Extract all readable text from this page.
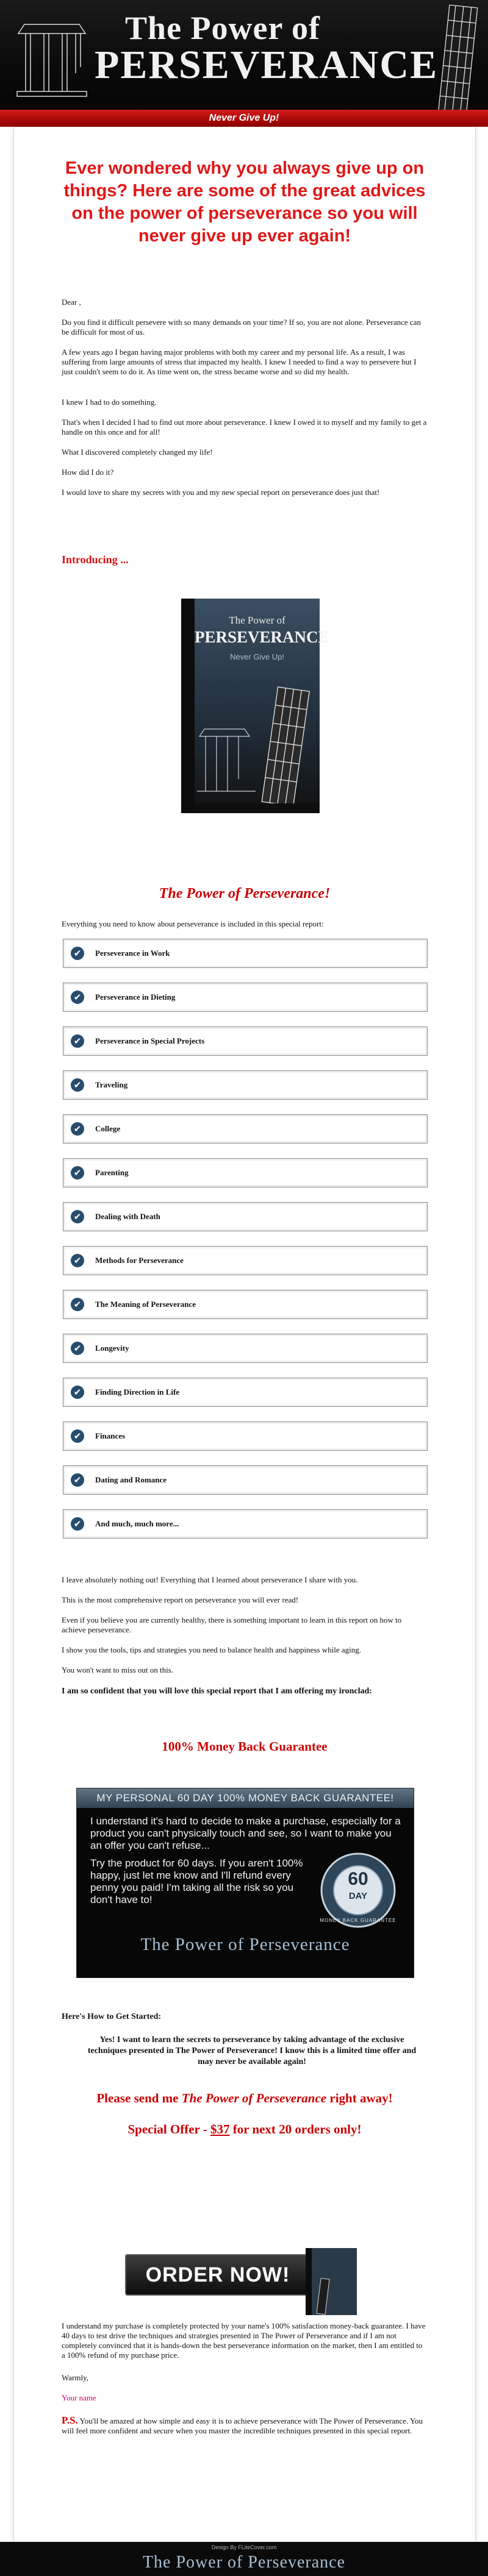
The Power of
PERSEVERANCE
Never Give Up!
Ever wondered why you always give up on things? Here are some of the great advices on the power of perseverance so you will never give up ever again!
Dear ,
Do you find it difficult persevere with so many demands on your time? If so, you are not alone. Perseverance can be difficult for most of us.
A few years ago I began having major problems with both my career and my personal life. As a result, I was suffering from large amounts of stress that impacted my health. I knew I needed to find a way to persevere but I just couldn't seem to do it. As time went on, the stress became worse and so did my health.
I knew I had to do something.
That's when I decided I had to find out more about perseverance. I knew I owed it to myself and my family to get a handle on this once and for all!
What I discovered completely changed my life!
How did I do it?
I would love to share my secrets with you and my new special report on perseverance does just that!
Introducing ...
The Power of
PERSEVERANCE
Never Give Up!
The Power of Perseverance!
Everything you need to know about perseverance is included in this special report:
✔	Perseverance in Work
✔	Perseverance in Dieting
✔	Perseverance in Special Projects
✔	Traveling
✔	College
✔	Parenting
✔	Dealing with Death
✔	Methods for Perseverance
✔	The Meaning of Perseverance
✔	Longevity
✔	Finding Direction in Life
✔	Finances
✔	Dating and Romance
✔	And much, much more...
I leave absolutely nothing out! Everything that I learned about perseverance I share with you.
This is the most comprehensive report on perseverance you will ever read!
Even if you believe you are currently healthy, there is something important to learn in this report on how to achieve perseverance.
I show you the tools, tips and strategies you need to balance health and happiness while aging.
You won't want to miss out on this.
I am so confident that you will love this special report that I am offering my ironclad:
100% Money Back Guarantee
MY PERSONAL 60 DAY 100% MONEY BACK GUARANTEE!
I understand it's hard to decide to make a purchase, especially for a product you can't physically touch and see, so I want to make you an offer you can't refuse...
Try the product for 60 days. If you aren't 100% happy, just let me know and I'll refund every penny you paid! I'm taking all the risk so you don't have to!
60
DAY
MONEY BACK GUARANTEE
The Power of Perseverance
Here's How to Get Started:
Yes! I want to learn the secrets to perseverance by taking advantage of the exclusive techniques presented in The Power of Perseverance! I know this is a limited time offer and may never be available again!
Please send me The Power of Perseverance right away!
Special Offer - $37 for next 20 orders only!
ORDER NOW!
I understand my purchase is completely protected by your name's 100% satisfaction money-back guarantee. I have 40 days to test drive the techniques and strategies presented in The Power of Perseverance and if I am not completely convinced that it is hands-down the best perseverance information on the market, then I am entitled to a 100% refund of my purchase price.
Warmly,
Your name
P.S. You'll be amazed at how simple and easy it is to achieve perseverance with The Power of Perseverance. You will feel more confident and secure when you master the incredible techniques presented in this special report.
Design By FLiteCover.com
The Power of Perseverance
